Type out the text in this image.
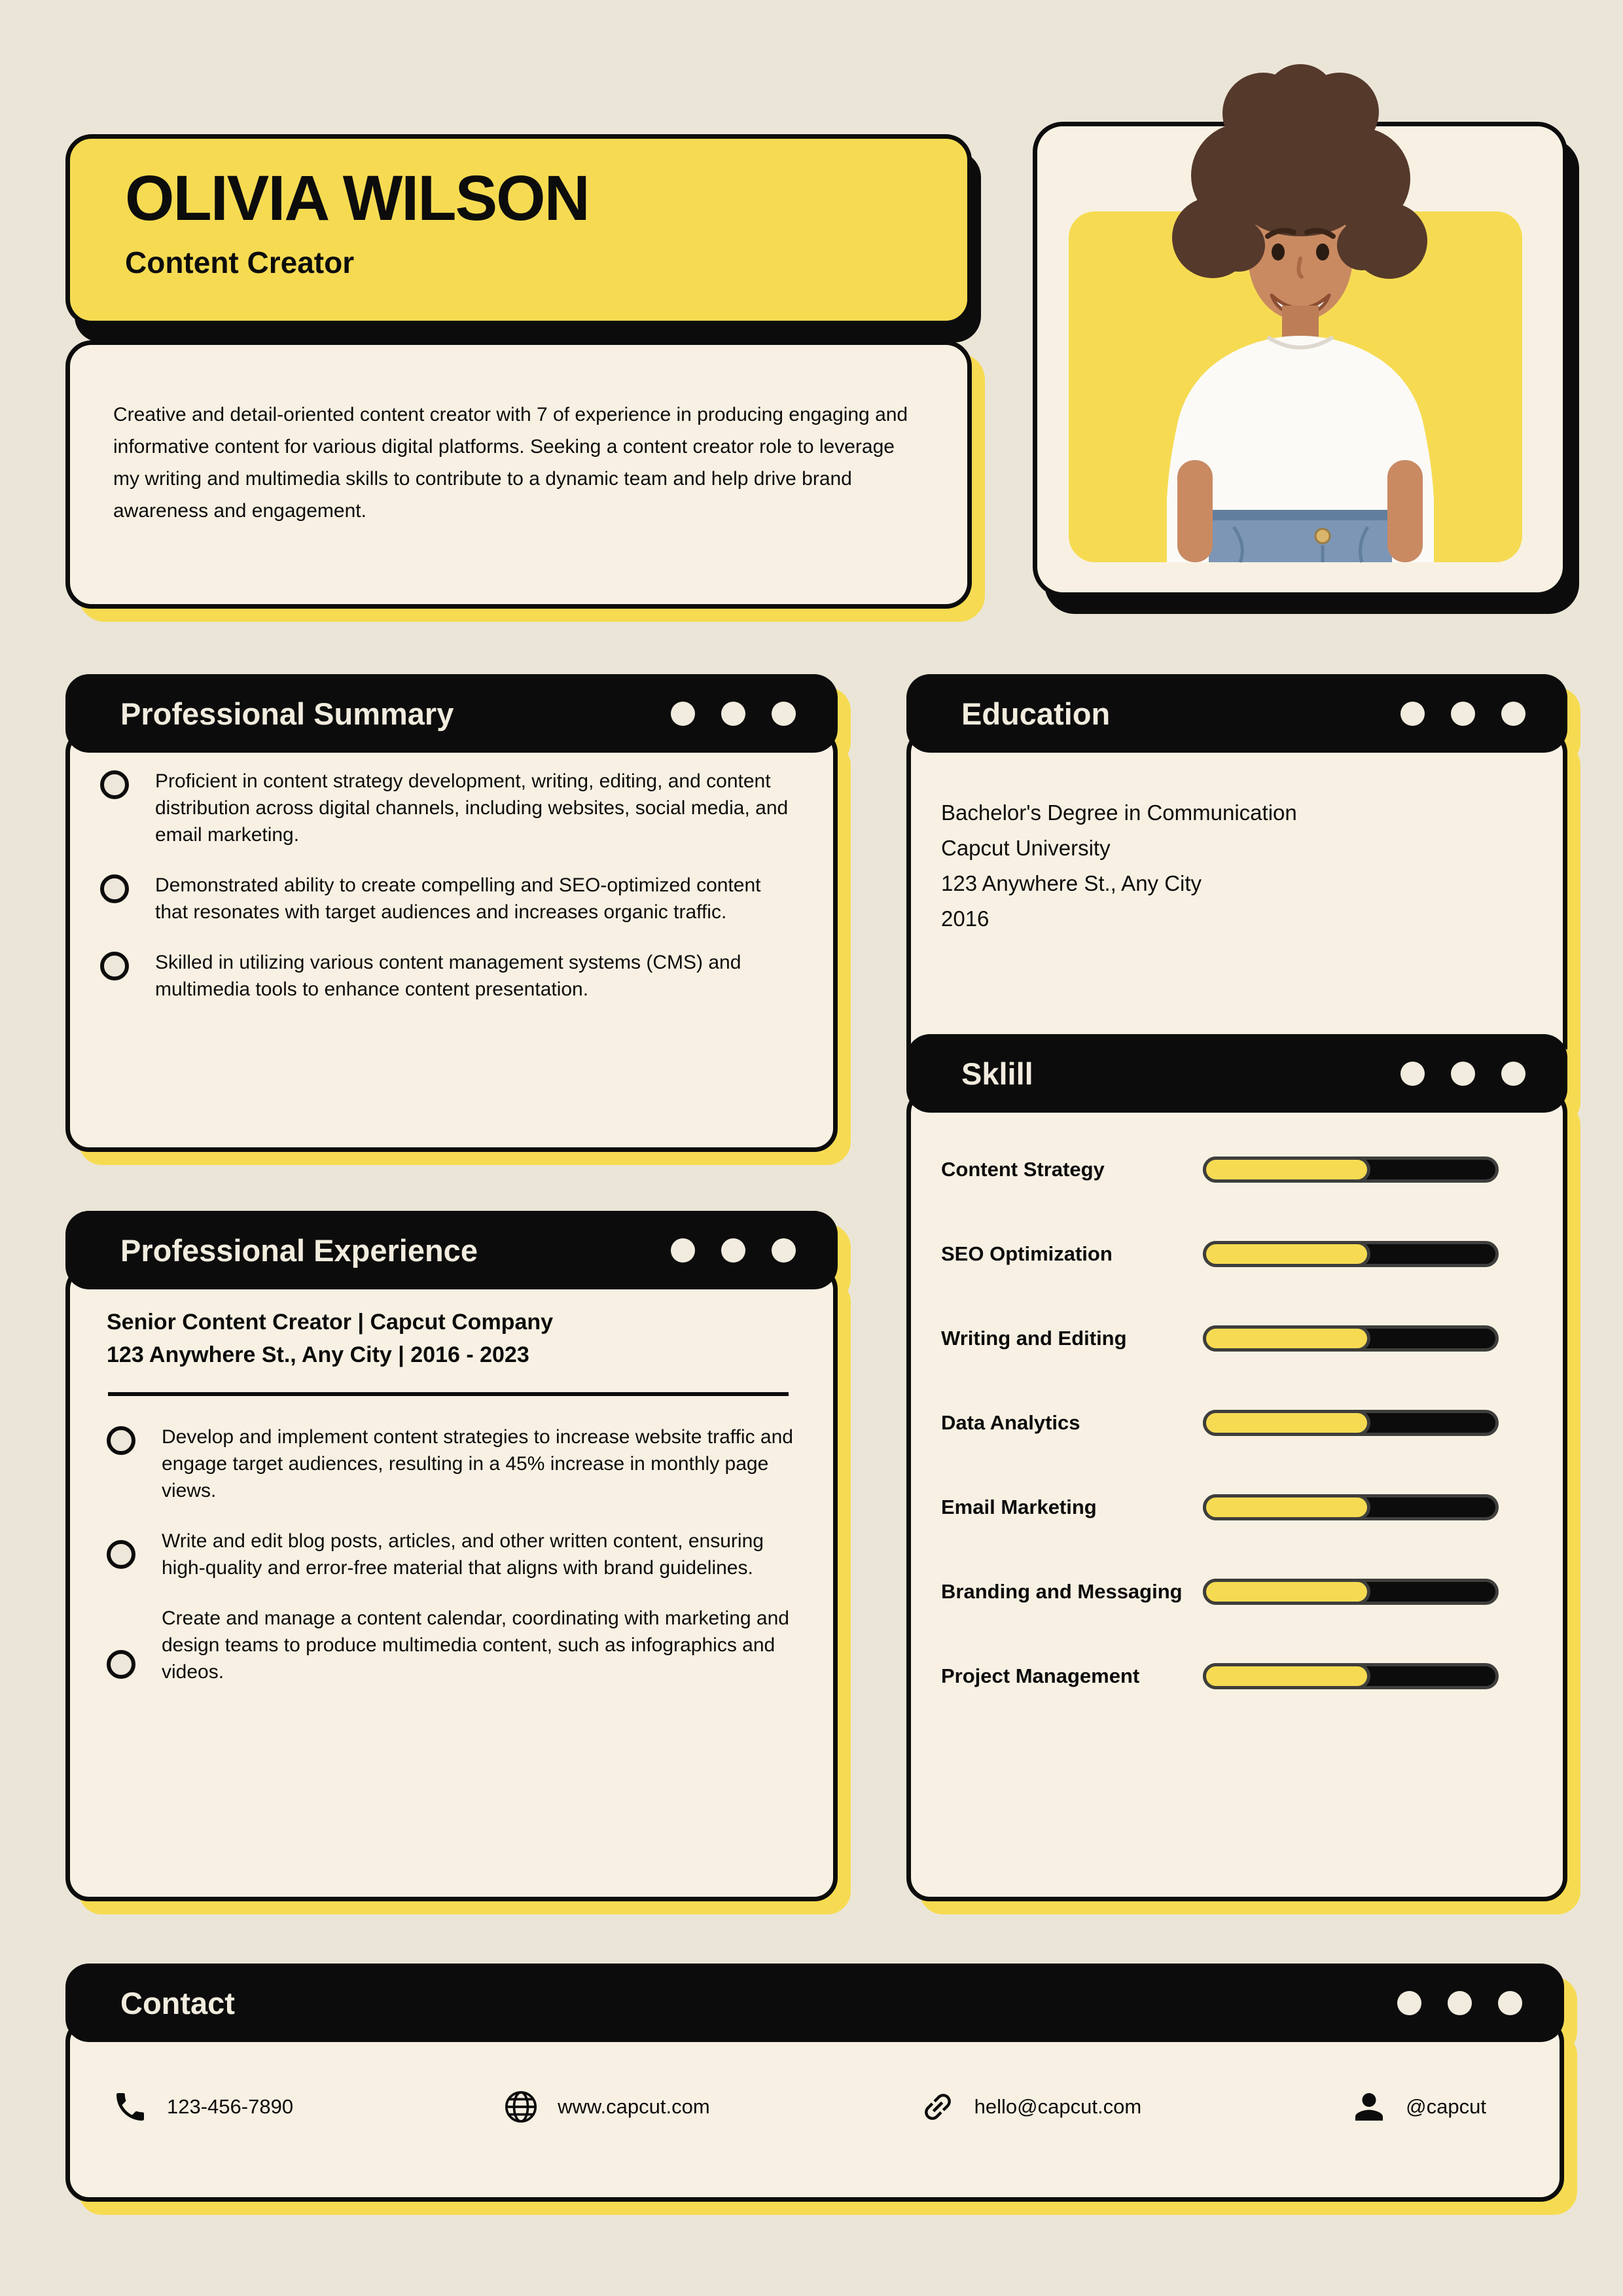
OLIVIA WILSON
Content Creator

Creative and detail-oriented content creator with 7 of experience in producing engaging and informative content for various digital platforms. Seeking a content creator role to leverage my writing and multimedia skills to contribute to a dynamic team and help drive brand awareness and engagement.

Professional Summary

Proficient in content strategy development, writing, editing, and content distribution across digital channels, including websites, social media, and email marketing.

Demonstrated ability to create compelling and SEO-optimized content that resonates with target audiences and increases organic traffic.

Skilled in utilizing various content management systems (CMS) and multimedia tools to enhance content presentation.

Education
Bachelor's Degree in Communication
Capcut University
123 Anywhere St., Any City
2016
Sklill
Content Strategy
SEO Optimization
Writing and Editing
Data Analytics
Email Marketing
Branding and Messaging
Project Management
Professional Experience
Senior Content Creator | Capcut Company
123 Anywhere St., Any City | 2016 - 2023

Develop and implement content strategies to increase website traffic and engage target audiences, resulting in a 45% increase in monthly page views.

Write and edit blog posts, articles, and other written content, ensuring high-quality and error-free material that aligns with brand guidelines.

Create and manage a content calendar, coordinating with marketing and design teams to produce multimedia content, such as infographics and videos.

Contact
123-456-7890	www.capcut.com	hello@capcut.com	@capcut
